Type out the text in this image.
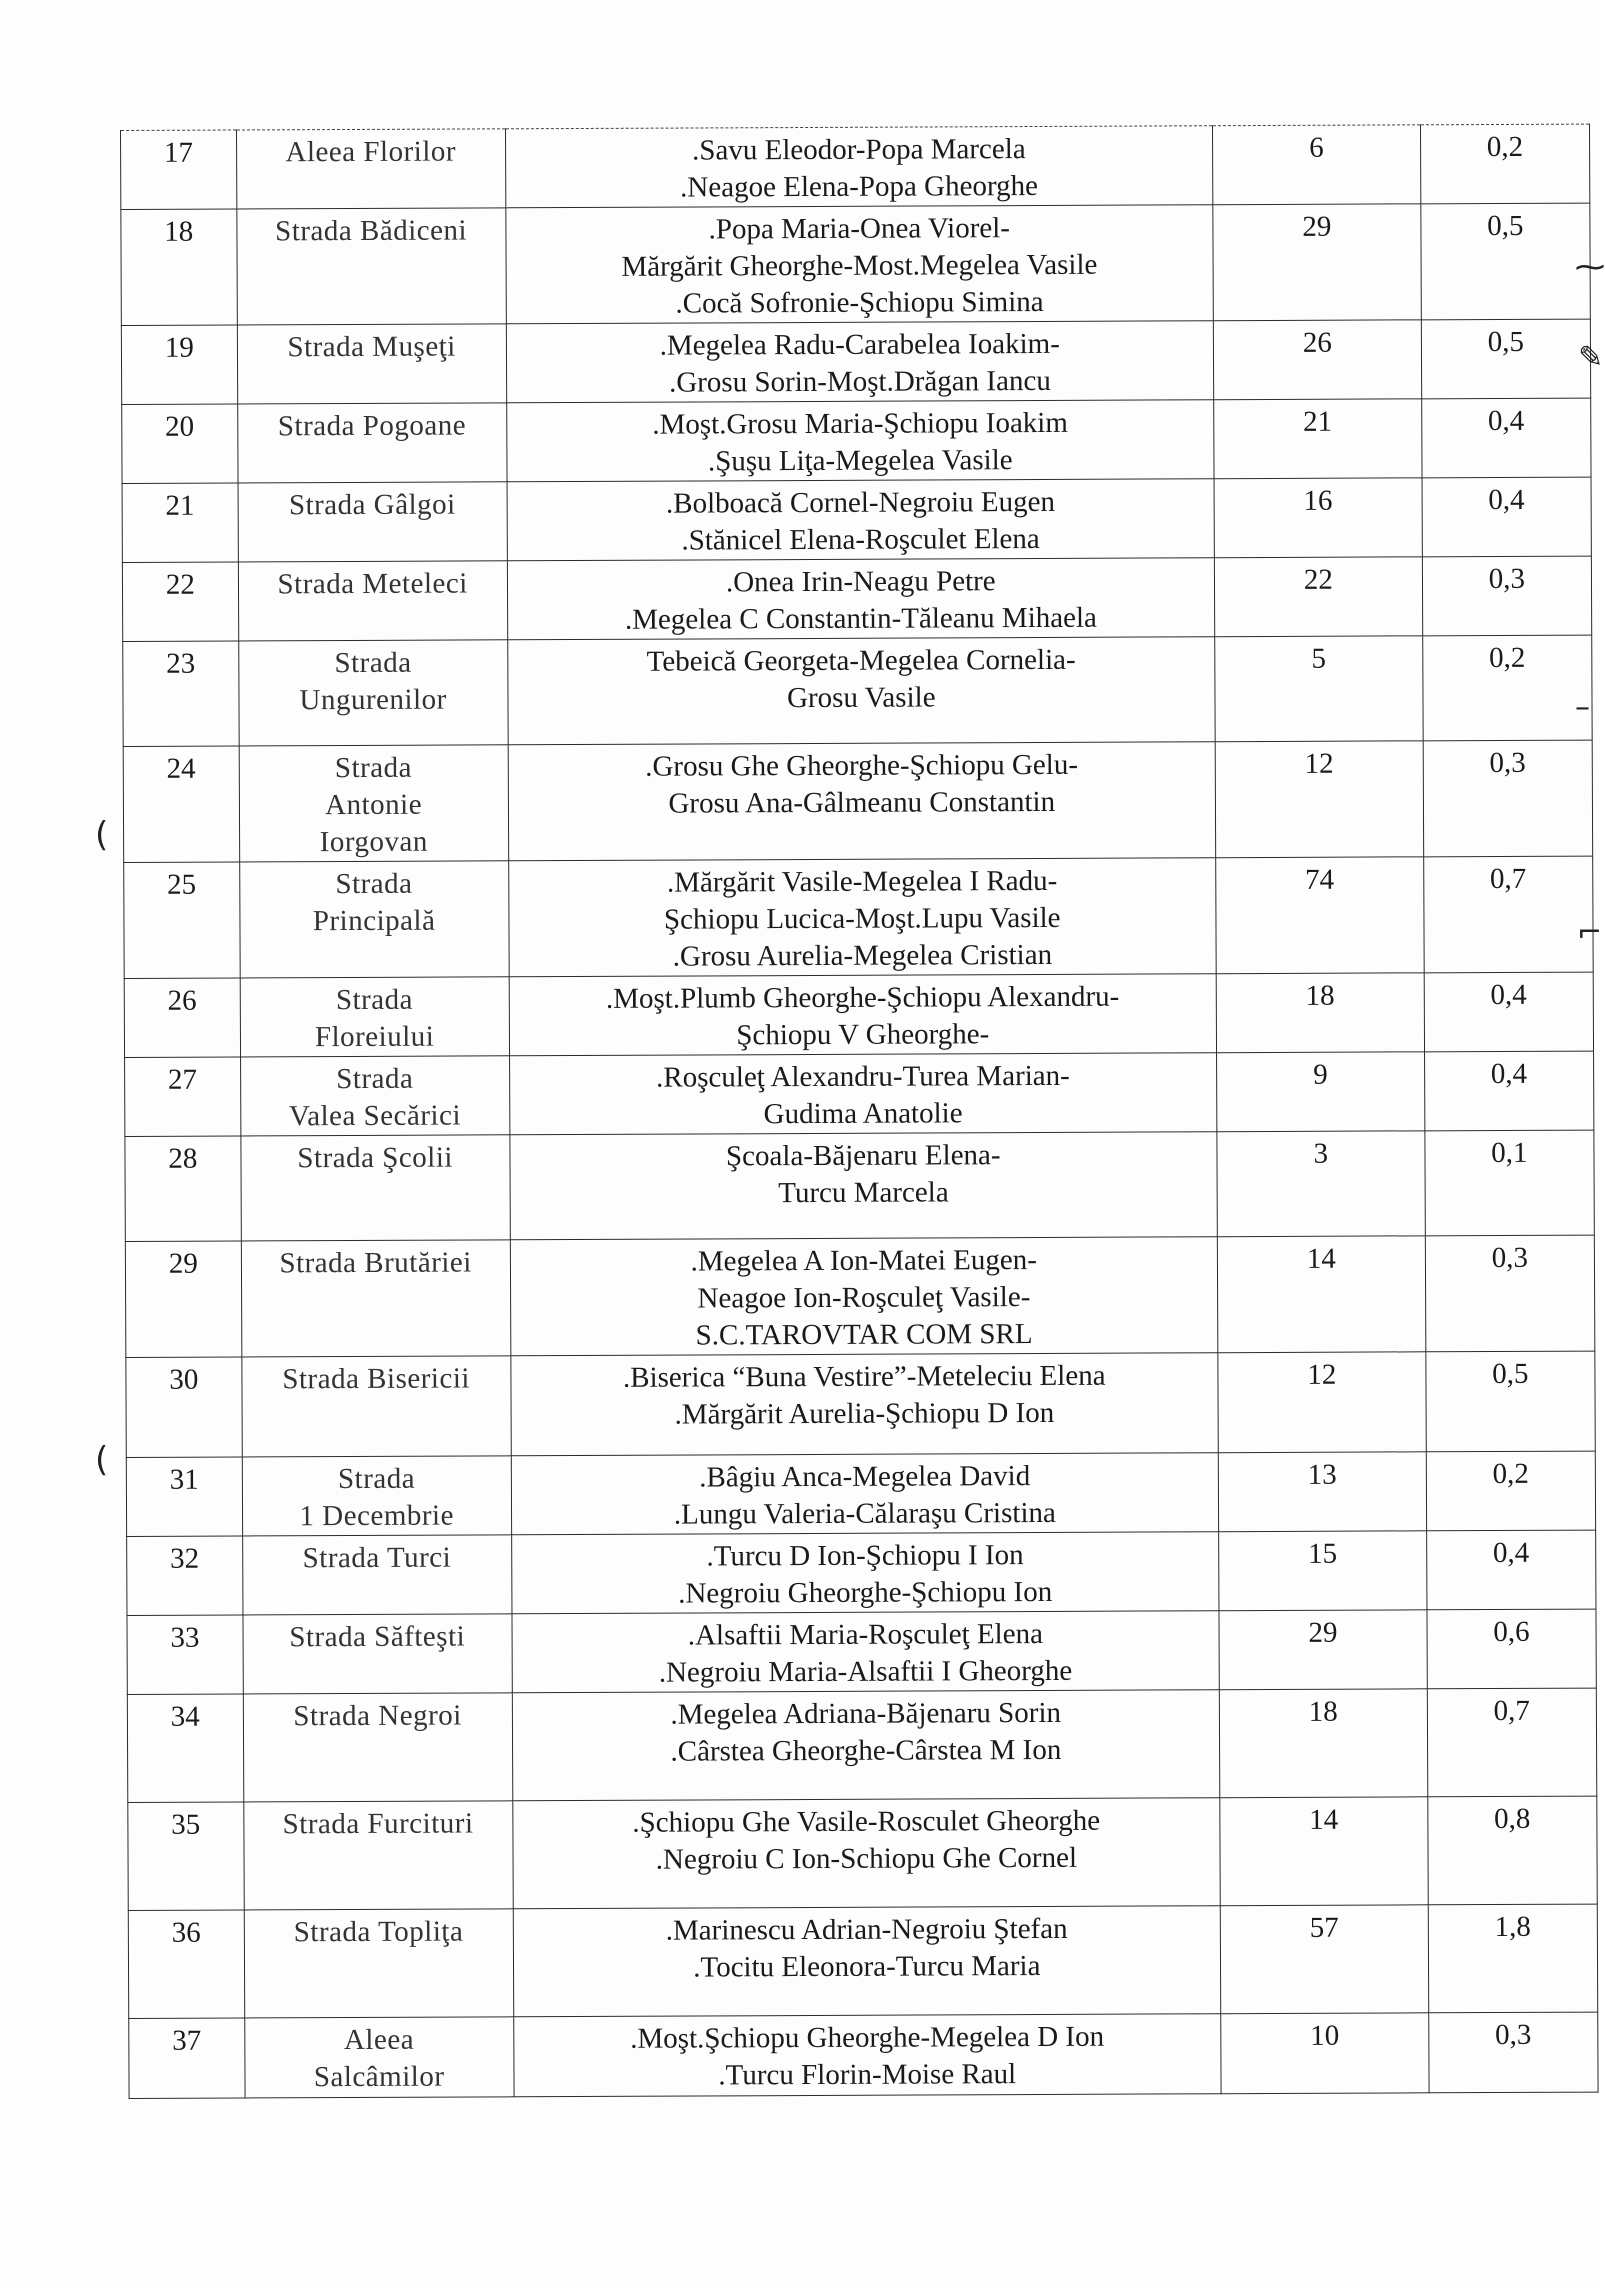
17	Aleea Florilor	.Savu Eleodor-Popa Marcela
.Neagoe Elena-Popa Gheorghe	6	0,2

18	Strada Bădiceni	.Popa Maria-Onea Viorel-
Mărgărit Gheorghe-Most.Megelea Vasile
.Cocă Sofronie-Şchiopu Simina	29	0,5

19	Strada Muşeţi	.Megelea Radu-Carabelea Ioakim-
.Grosu Sorin-Moşt.Drăgan Iancu	26	0,5

20	Strada Pogoane	.Moşt.Grosu Maria-Şchiopu Ioakim
.Şuşu Liţa-Megelea Vasile	21	0,4

21	Strada Gâlgoi	.Bolboacă Cornel-Negroiu Eugen
.Stănicel Elena-Roşculet Elena	16	0,4

22	Strada Meteleci	.Onea Irin-Neagu Petre
.Megelea C Constantin-Tăleanu Mihaela	22	0,3

23	Strada
Ungurenilor	Tebeică Georgeta-Megelea Cornelia-
Grosu Vasile	5	0,2

24	Strada
Antonie
Iorgovan	.Grosu Ghe Gheorghe-Şchiopu Gelu-
Grosu Ana-Gâlmeanu Constantin	12	0,3

25	Strada
Principală	.Mărgărit Vasile-Megelea I Radu-
Şchiopu Lucica-Moşt.Lupu Vasile
.Grosu Aurelia-Megelea Cristian	74	0,7

26	Strada
Floreiului	.Moşt.Plumb Gheorghe-Şchiopu Alexandru-
Şchiopu V Gheorghe-	18	0,4

27	Strada
Valea Secărici	.Roşculeţ Alexandru-Turea Marian-
Gudima Anatolie	9	0,4

28	Strada Şcolii	Şcoala-Băjenaru Elena-
Turcu Marcela	3	0,1

29	Strada Brutăriei	.Megelea A Ion-Matei Eugen-
Neagoe Ion-Roşculeţ Vasile-
S.C.TAROVTAR COM SRL	14	0,3

30	Strada Bisericii	.Biserica “Buna Vestire”-Meteleciu Elena
.Mărgărit Aurelia-Şchiopu D Ion	12	0,5

31	Strada
1 Decembrie	.Bâgiu Anca-Megelea David
.Lungu Valeria-Călaraşu Cristina	13	0,2

32	Strada Turci	.Turcu D Ion-Şchiopu I Ion
.Negroiu Gheorghe-Şchiopu Ion	15	0,4

33	Strada Săfteşti	.Alsaftii Maria-Roşculeţ Elena
.Negroiu Maria-Alsaftii I Gheorghe	29	0,6

34	Strada Negroi	.Megelea Adriana-Băjenaru Sorin
.Cârstea Gheorghe-Cârstea M Ion	18	0,7

35	Strada Furcituri	.Şchiopu Ghe Vasile-Rosculet Gheorghe
.Negroiu C Ion-Schiopu Ghe Cornel	14	0,8

36	Strada Topliţa	.Marinescu Adrian-Negroiu Ştefan
.Tocitu Eleonora-Turcu Maria	57	1,8

37	Aleea
Salcâmilor	.Moşt.Şchiopu Gheorghe-Megelea D Ion
.Turcu Florin-Moise Raul	10	0,3
⁓
✎
–
⌐
(
(
